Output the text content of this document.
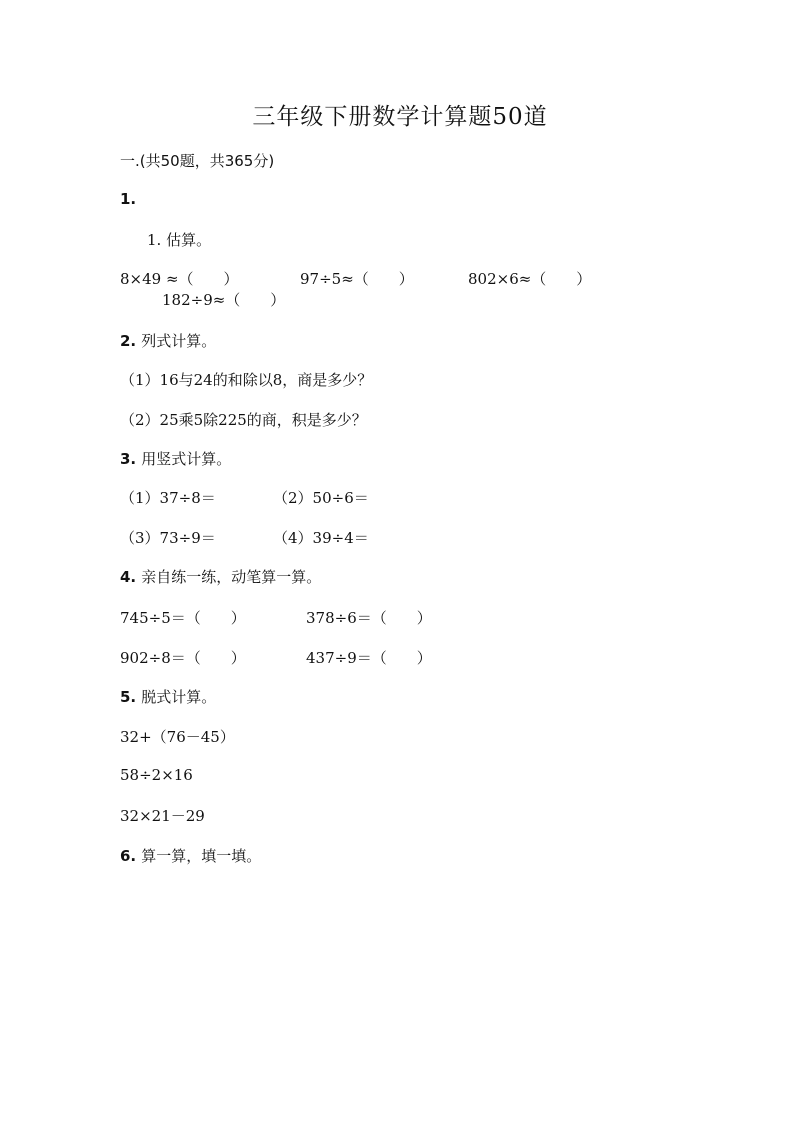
三年级下册数学计算题50道
一.(共50题，共365分)
1.
1. 估算。
8×49 ≈（　　）	97÷5≈（　　）	802×6≈（　　）
182÷9≈（　　）
2. 列式计算。
（1）16与24的和除以8，商是多少？
（2）25乘5除225的商，积是多少？
3. 用竖式计算。
（1）37÷8＝	（2）50÷6＝
（3）73÷9＝	（4）39÷4＝
4. 亲自练一练，动笔算一算。
745÷5＝（　　）	378÷6＝（　　）
902÷8＝（　　）	437÷9＝（　　）
5. 脱式计算。
32+（76－45）
58÷2×16
32×21－29
6. 算一算，填一填。
